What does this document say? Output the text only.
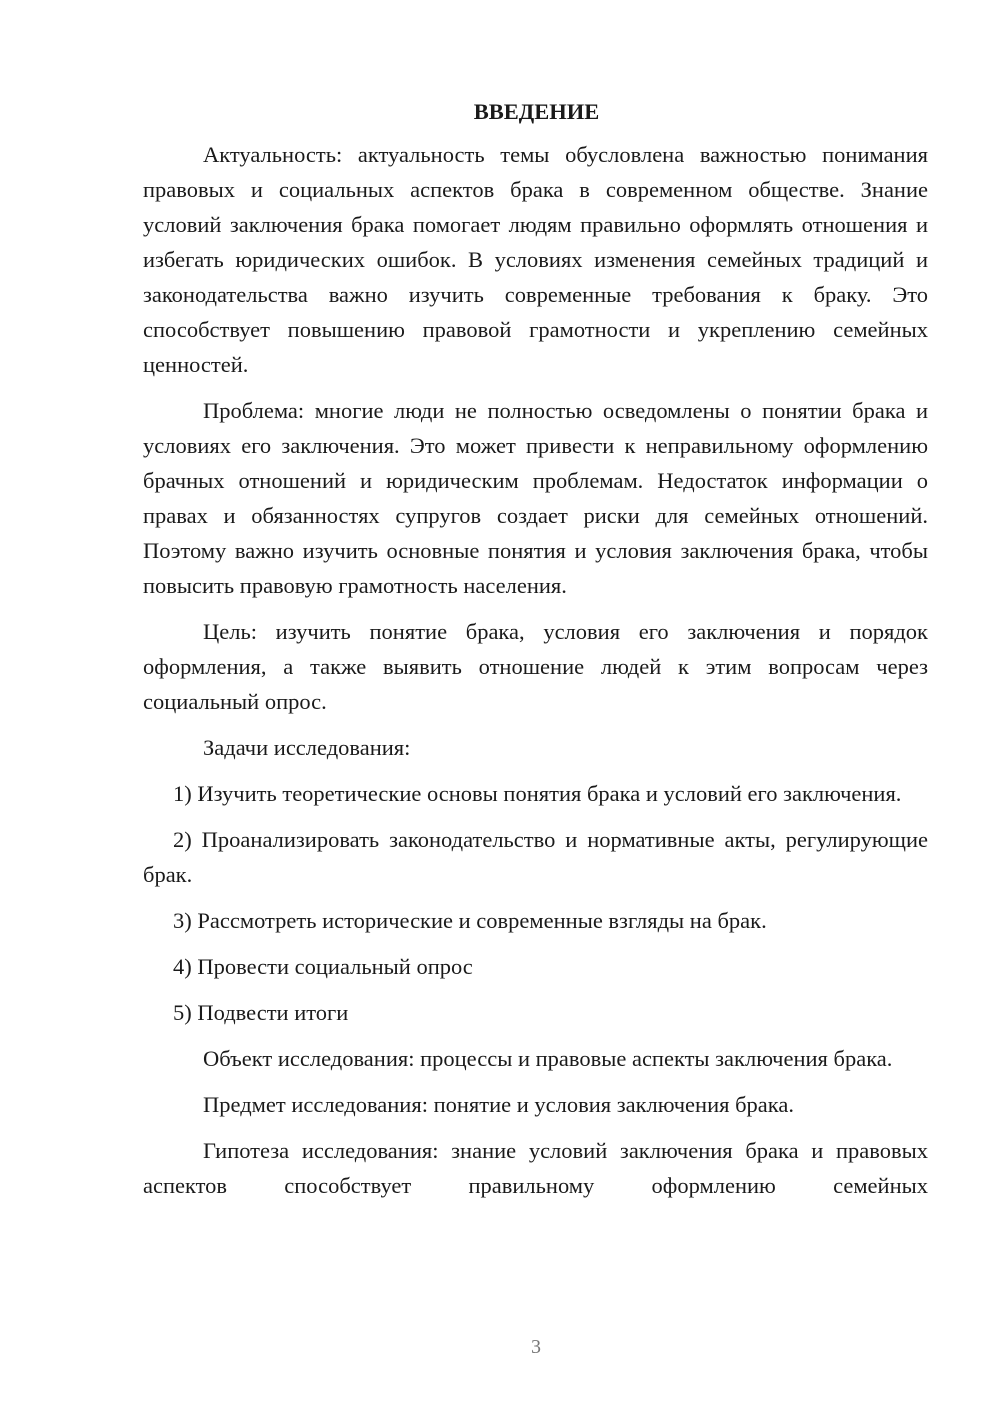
ВВЕДЕНИЕ

Актуальность: актуальность темы обусловлена важностью понимания правовых и социальных аспектов брака в современном обществе. Знание условий заключения брака помогает людям правильно оформлять отношения и избегать юридических ошибок. В условиях изменения семейных традиций и законодательства важно изучить современные требования к браку. Это способствует повышению правовой грамотности и укреплению семейных ценностей.

Проблема: многие люди не полностью осведомлены о понятии брака и условиях его заключения. Это может привести к неправильному оформлению брачных отношений и юридическим проблемам. Недостаток информации о правах и обязанностях супругов создает риски для семейных отношений. Поэтому важно изучить основные понятия и условия заключения брака, чтобы повысить правовую грамотность населения.

Цель: изучить понятие брака, условия его заключения и порядок оформления, а также выявить отношение людей к этим вопросам через социальный опрос.

Задачи исследования:

1) Изучить теоретические основы понятия брака и условий его заключения.

2) Проанализировать законодательство и нормативные акты, регулирующие брак.

3) Рассмотреть исторические и современные взгляды на брак.

4) Провести социальный опрос

5) Подвести итоги

Объект исследования: процессы и правовые аспекты заключения брака.

Предмет исследования: понятие и условия заключения брака.

Гипотеза исследования: знание условий заключения брака и правовых аспектов способствует правильному оформлению семейных

3
